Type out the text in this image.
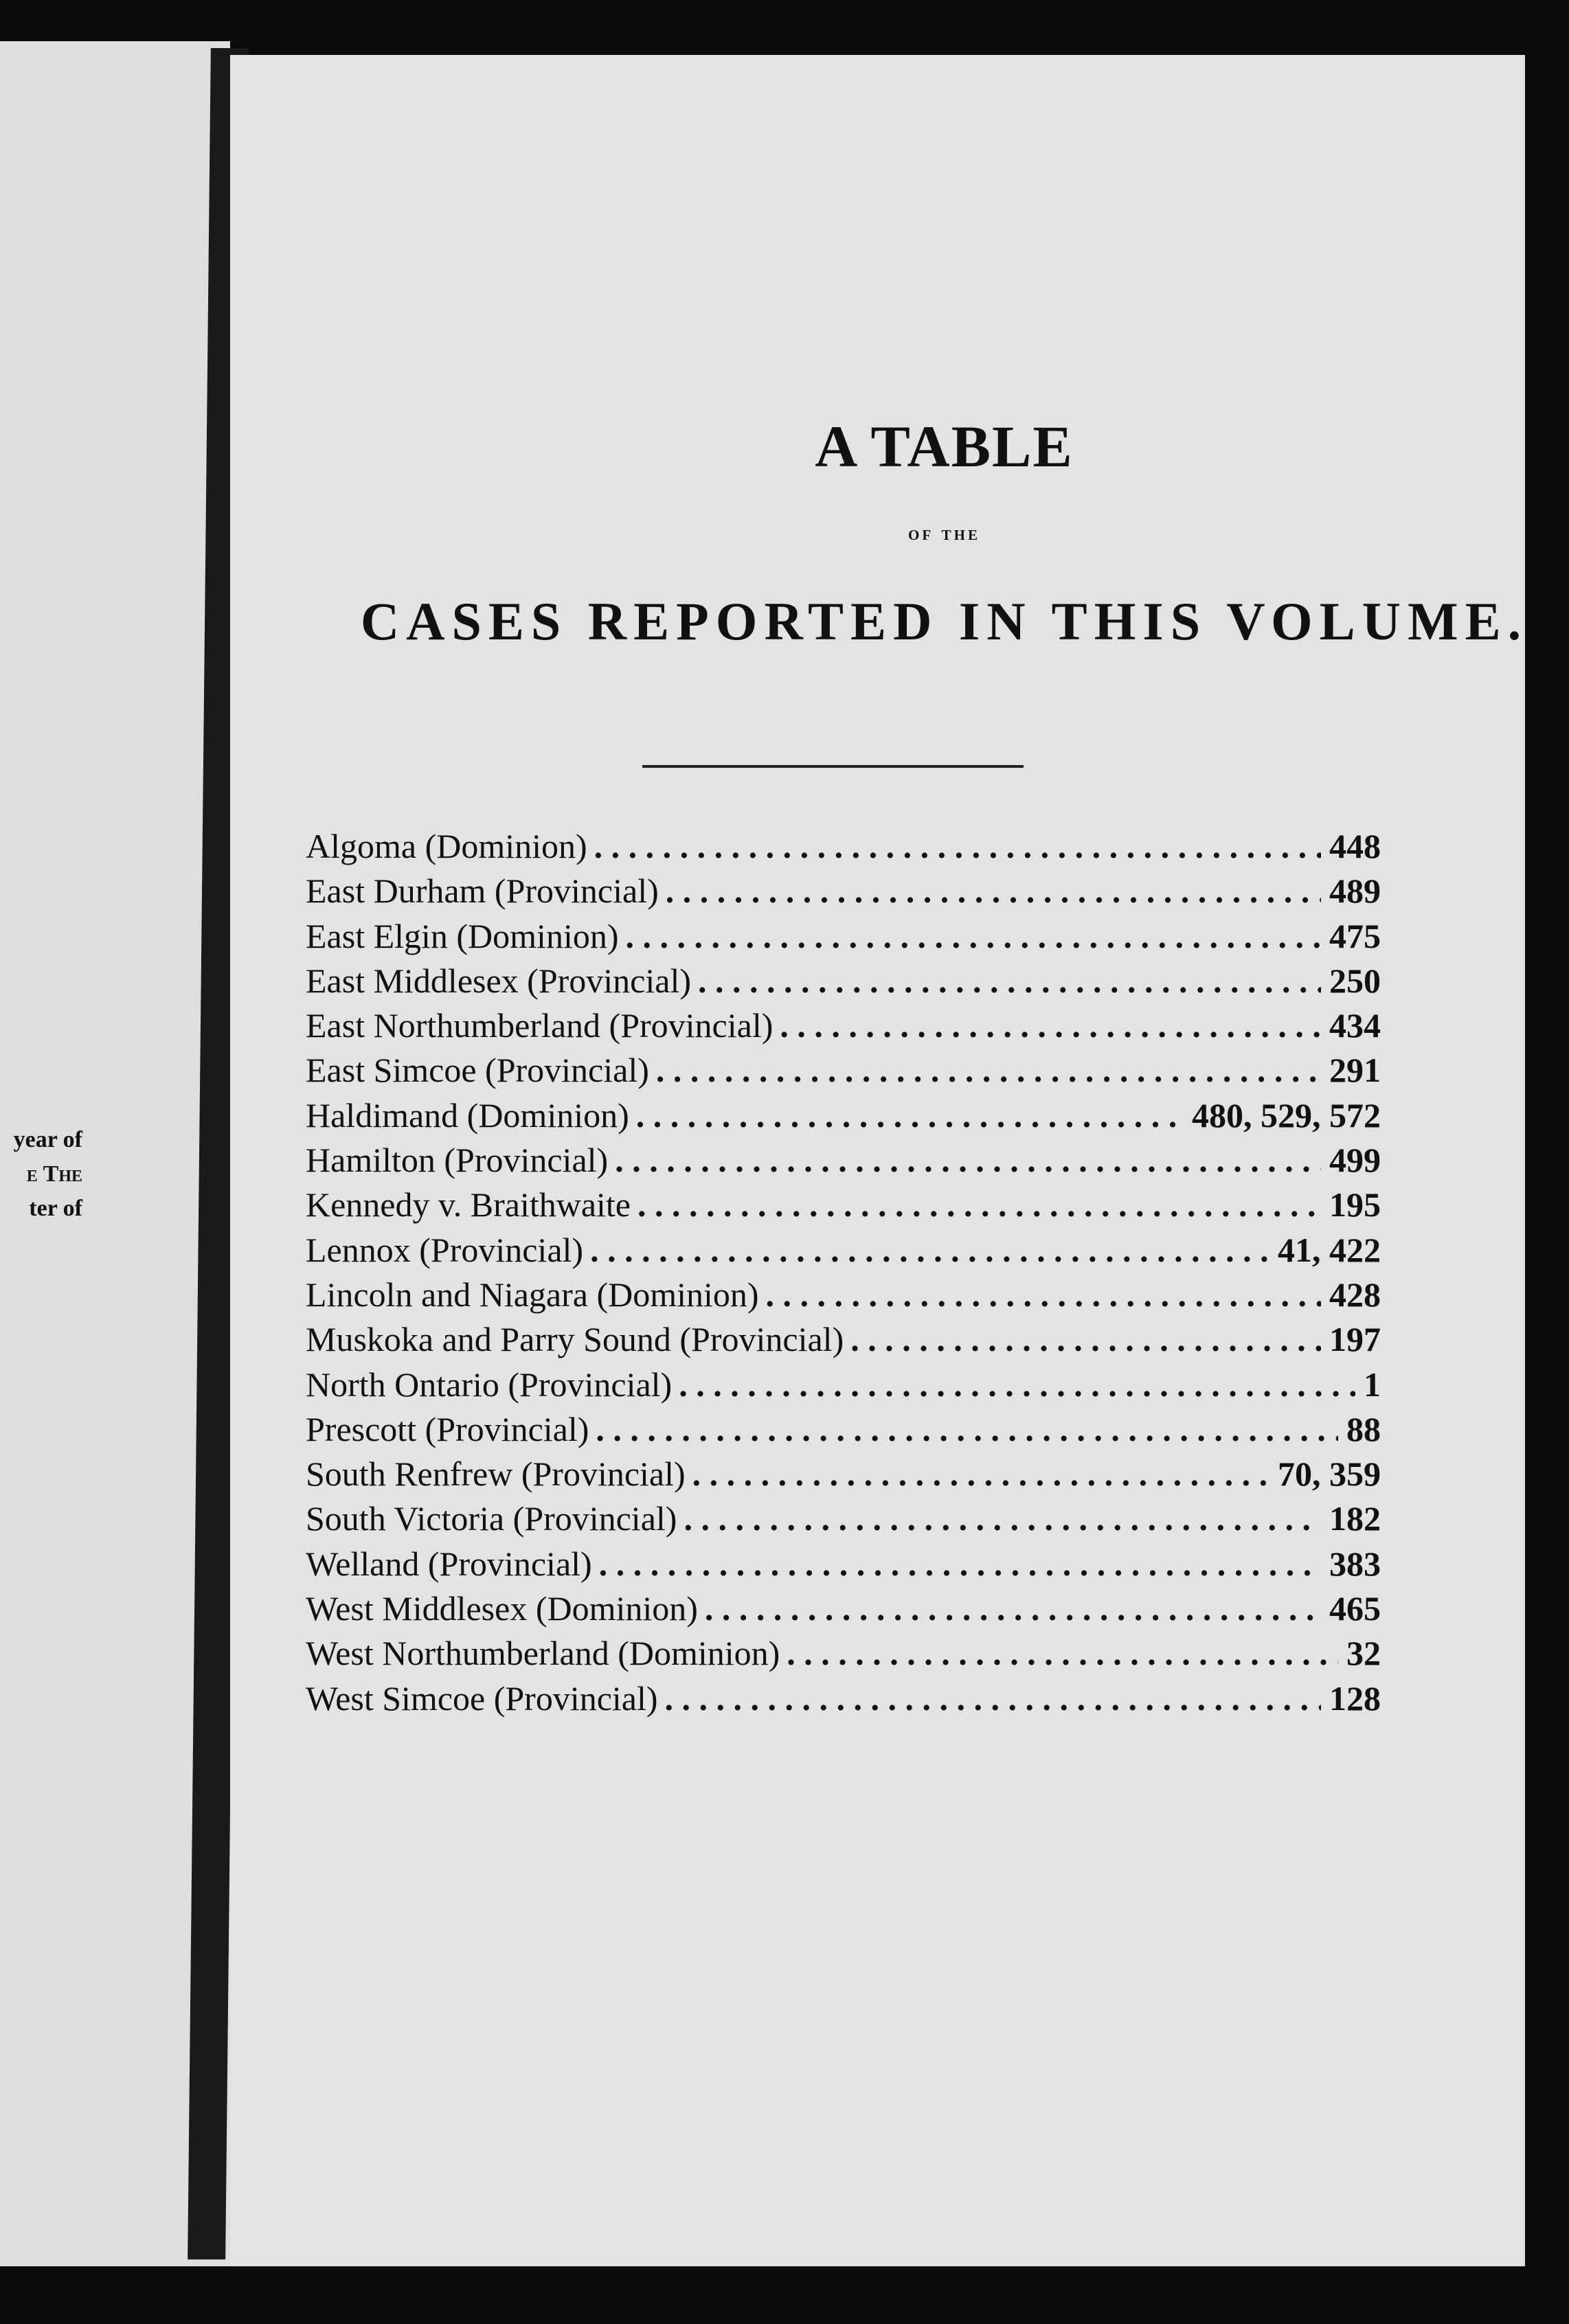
year of
e The
ter of
A TABLE
of the
CASES REPORTED IN THIS VOLUME.
Algoma (Dominion) . . .	448
East Durham (Provincial) . . .	489
East Elgin (Dominion) . . .	475
East Middlesex (Provincial) . . .	250
East Northumberland (Provincial) . . .	434
East Simcoe (Provincial) . . .	291
Haldimand (Dominion) . . .	480, 529, 572
Hamilton (Provincial) . . .	499
Kennedy v. Braithwaite . . .	195
Lennox (Provincial) . . .	41, 422
Lincoln and Niagara (Dominion) . . .	428
Muskoka and Parry Sound (Provincial) . . .	197
North Ontario (Provincial) . . .	1
Prescott (Provincial) . . .	88
South Renfrew (Provincial) . . .	70, 359
South Victoria (Provincial) . . .	182
Welland (Provincial) . . .	383
West Middlesex (Dominion) . . .	465
West Northumberland (Dominion) . . .	32
West Simcoe (Provincial) . . .	128
